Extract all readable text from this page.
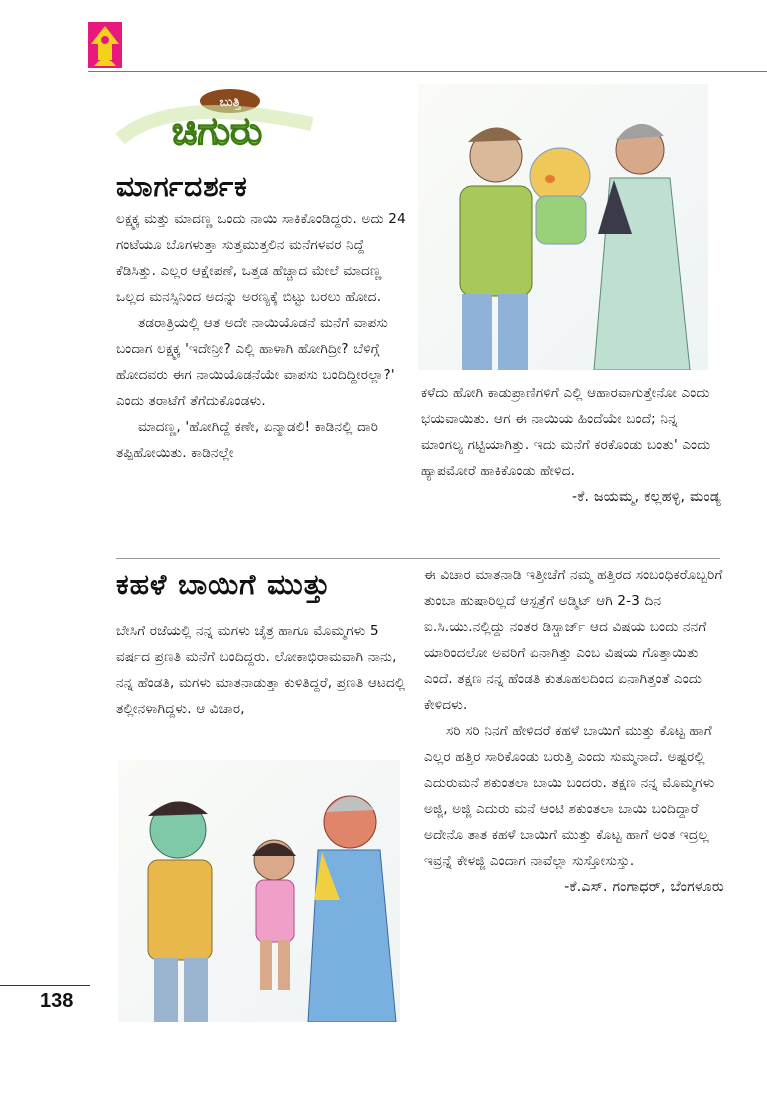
ಬುತ್ತಿ
ಚಿಗುರು
ಮಾರ್ಗದರ್ಶಕ

ಲಕ್ಷ್ಮಕ್ಕ ಮತ್ತು ಮಾದಣ್ಣ ಒಂದು ನಾಯಿ ಸಾಕಿಕೊಂಡಿದ್ದರು. ಅದು 24 ಗಂಟೆಯೂ ಬೊಗಳುತ್ತಾ ಸುತ್ತಮುತ್ತಲಿನ ಮನೆಗಳವರ ನಿದ್ದೆ ಕೆಡಿಸಿತ್ತು. ಎಲ್ಲರ ಆಕ್ಷೇಪಣೆ, ಒತ್ತಡ ಹೆಚ್ಚಾದ ಮೇಲೆ ಮಾದಣ್ಣ ಒಲ್ಲದ ಮನಸ್ಸಿನಿಂದ ಅದನ್ನು ಅರಣ್ಯಕ್ಕೆ ಬಿಟ್ಟು ಬರಲು ಹೋದ.

ತಡರಾತ್ರಿಯಲ್ಲಿ ಆತ ಅದೇ ನಾಯಿಯೊಡನೆ ಮನೆಗೆ ವಾಪಸು ಬಂದಾಗ ಲಕ್ಷ್ಮಕ್ಕ 'ಇದೇನ್ರೀ? ಎಲ್ಲಿ ಹಾಳಾಗಿ ಹೋಗಿದ್ರೀ? ಬೆಳಿಗ್ಗೆ ಹೋದವರು ಈಗ ನಾಯಿಯೊಡನೆಯೇ ವಾಪಸು ಬಂದಿದ್ದೀರಲ್ಲಾ?' ಎಂದು ತರಾಟೆಗೆ ತೆಗೆದುಕೊಂಡಳು.

ಮಾದಣ್ಣ, 'ಹೋಗಿದ್ದೆ ಕಣೇ, ಏನ್ಮಾಡಲಿ! ಕಾಡಿನಲ್ಲಿ ದಾರಿ ತಪ್ಪಿಹೋಯಿತು. ಕಾಡಿನಲ್ಲೇ

ಕಳೆದು ಹೋಗಿ ಕಾಡುಪ್ರಾಣಿಗಳಿಗೆ ಎಲ್ಲಿ ಆಹಾರವಾಗುತ್ತೇನೋ ಎಂದು ಭಯವಾಯಿತು. ಆಗ ಈ ನಾಯಿಯ ಹಿಂದೆಯೇ ಬಂದೆ; ನಿನ್ನ ಮಾಂಗಲ್ಯ ಗಟ್ಟಿಯಾಗಿತ್ತು. ಇದು ಮನೆಗೆ ಕರಕೊಂಡು ಬಂತು' ಎಂದು ಹ್ಯಾಪಮೋರೆ ಹಾಕಿಕೊಂಡು ಹೇಳಿದ.

-ಕೆ. ಜಯಮ್ಮ, ಕಲ್ಲಹಳ್ಳಿ, ಮಂಡ್ಯ

ಕಹಳೆ ಬಾಯಿಗೆ ಮುತ್ತು

ಬೇಸಿಗೆ ರಜೆಯಲ್ಲಿ ನನ್ನ ಮಗಳು ಚೈತ್ರ ಹಾಗೂ ಮೊಮ್ಮಗಳು 5 ವರ್ಷದ ಪ್ರಣತಿ ಮನೆಗೆ ಬಂದಿದ್ದರು. ಲೋಕಾಭಿರಾಮವಾಗಿ ನಾನು, ನನ್ನ ಹೆಂಡತಿ, ಮಗಳು ಮಾತನಾಡುತ್ತಾ ಕುಳಿತಿದ್ದರೆ, ಪ್ರಣತಿ ಆಟದಲ್ಲಿ ತಲ್ಲೀನಳಾಗಿದ್ದಳು. ಆ ವಿಚಾರ,

ಈ ವಿಚಾರ ಮಾತನಾಡಿ ಇತ್ತೀಚೆಗೆ ನಮ್ಮ ಹತ್ತಿರದ ಸಂಬಂಧಿಕರೊಬ್ಬರಿಗೆ ತುಂಬಾ ಹುಷಾರಿಲ್ಲದೆ ಆಸ್ಪತ್ರೆಗೆ ಅಡ್ಮಿಟ್ ಆಗಿ 2-3 ದಿನ ಐ.ಸಿ.ಯು.ನಲ್ಲಿದ್ದು ನಂತರ ಡಿಸ್ಚಾರ್ಜ್ ಆದ ವಿಷಯ ಬಂದು ನನಗೆ ಯಾರಿಂದಲೋ ಅವರಿಗೆ ಏನಾಗಿತ್ತು ಎಂಬ ವಿಷಯ ಗೊತ್ತಾಯಿತು ಎಂದೆ. ತಕ್ಷಣ ನನ್ನ ಹೆಂಡತಿ ಕುತೂಹಲದಿಂದ ಏನಾಗಿತ್ತಂತೆ ಎಂದು ಕೇಳಿದಳು.

ಸರಿ ಸರಿ ನಿನಗೆ ಹೇಳಿದರೆ ಕಹಳೆ ಬಾಯಿಗೆ ಮುತ್ತು ಕೊಟ್ಟ ಹಾಗೆ ಎಲ್ಲರ ಹತ್ತಿರ ಸಾರಿಕೊಂಡು ಬರುತ್ತಿ ಎಂದು ಸುಮ್ಮನಾದೆ. ಅಷ್ಟರಲ್ಲಿ ಎದುರುಮನೆ ಶಕುಂತಲಾ ಬಾಯಿ ಬಂದರು. ತಕ್ಷಣ ನನ್ನ ಮೊಮ್ಮಗಳು ಅಜ್ಜಿ, ಅಜ್ಜಿ ಎದುರು ಮನೆ ಆಂಟಿ ಶಕುಂತಲಾ ಬಾಯಿ ಬಂದಿದ್ದಾರೆ ಅದೇನೊ ತಾತ ಕಹಳೆ ಬಾಯಿಗೆ ಮುತ್ತು ಕೊಟ್ಟ ಹಾಗೆ ಅಂತ ಇದ್ರಲ್ಲ ಇವ್ರನ್ನೆ ಕೇಳಜ್ಜಿ ಎಂದಾಗ ನಾವೆಲ್ಲಾ ಸುಸ್ತೋಸುಸ್ತು.

-ಕೆ.ಎಸ್. ಗಂಗಾಧರ್, ಬೆಂಗಳೂರು

138
